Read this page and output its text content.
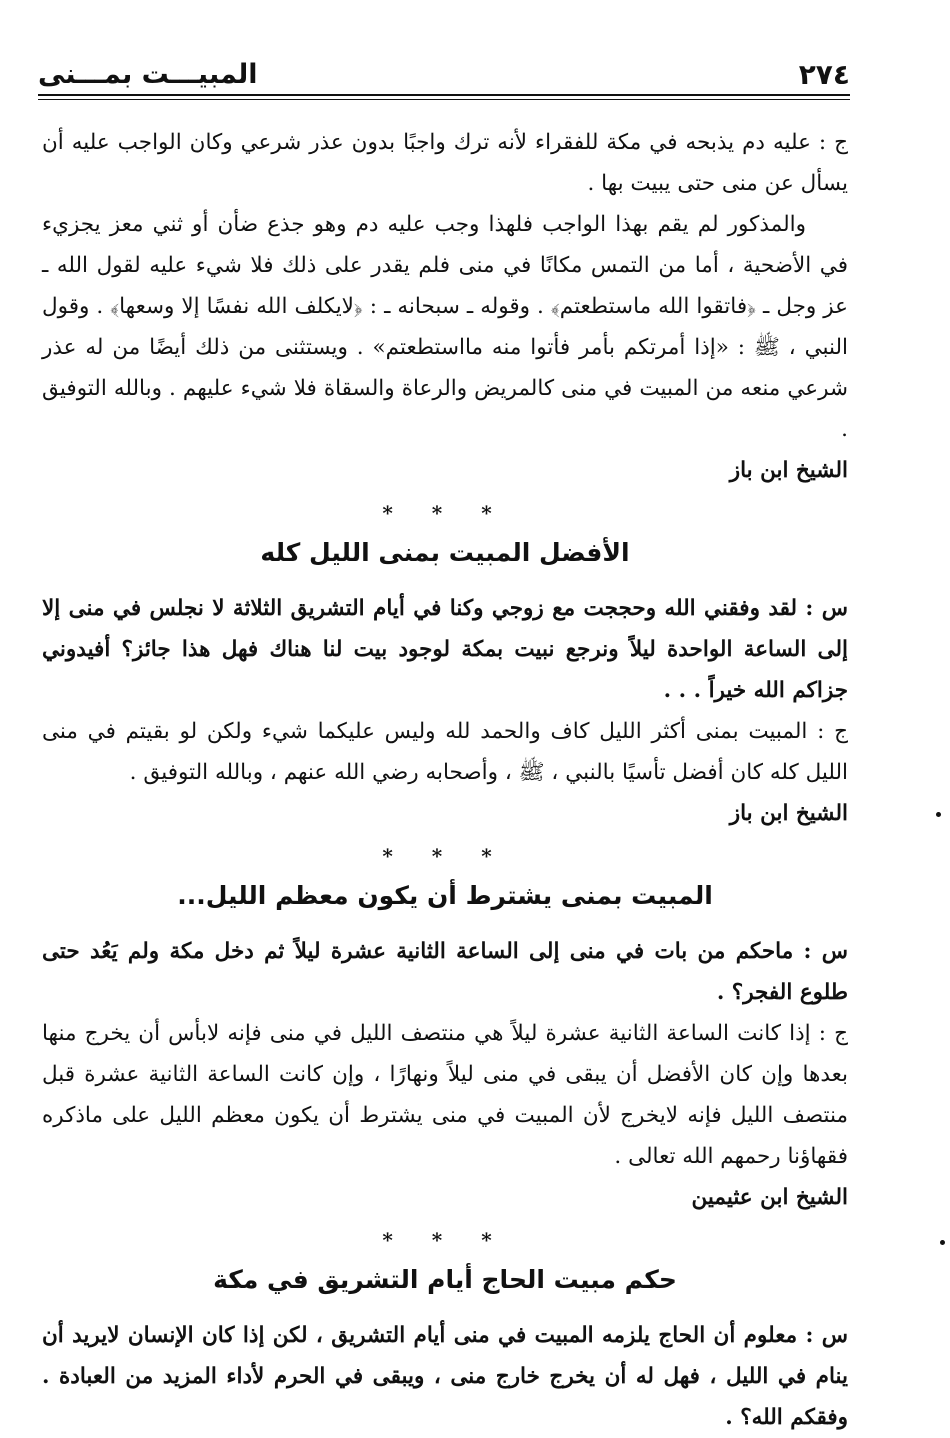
٢٧٤
المبيـــت بمـــنى

ج : عليه دم يذبحه في مكة للفقراء لأنه ترك واجبًا بدون عذر شرعي وكان الواجب عليه أن يسأل عن منى حتى يبيت بها .

والمذكور لم يقم بهذا الواجب فلهذا وجب عليه دم وهو جذع ضأن أو ثني معز يجزيء في الأضحية ، أما من التمس مكانًا في منى فلم يقدر على ذلك فلا شيء عليه لقول الله ـ عز وجل ـ ﴿فاتقوا الله ماستطعتم﴾ . وقوله ـ سبحانه ـ : ﴿لايكلف الله نفسًا إلا وسعها﴾ . وقول النبي ، ﷺ : «إذا أمرتكم بأمر فأتوا منه مااستطعتم» . ويستثنى من ذلك أيضًا من له عذر شرعي منعه من المبيت في منى كالمريض والرعاة والسقاة فلا شيء عليهم . وبالله التوفيق .

الشيخ ابن باز
* * *
الأفضل المبيت بمنى الليل كله

س : لقد وفقني الله وحججت مع زوجي وكنا في أيام التشريق الثلاثة لا نجلس في منى إلا إلى الساعة الواحدة ليلاً ونرجع نبيت بمكة لوجود بيت لنا هناك فهل هذا جائز؟ أفيدوني جزاكم الله خيراً . . .

ج : المبيت بمنى أكثر الليل كاف والحمد لله وليس عليكما شيء ولكن لو بقيتم في منى الليل كله كان أفضل تأسيًا بالنبي ، ﷺ ، وأصحابه رضي الله عنهم ، وبالله التوفيق .

الشيخ ابن باز
* * *
المبيت بمنى يشترط أن يكون معظم الليل...

س : ماحكم من بات في منى إلى الساعة الثانية عشرة ليلاً ثم دخل مكة ولم يَعُد حتى طلوع الفجر؟ .

ج : إذا كانت الساعة الثانية عشرة ليلاً هي منتصف الليل في منى فإنه لابأس أن يخرج منها بعدها وإن كان الأفضل أن يبقى في منى ليلاً ونهارًا ، وإن كانت الساعة الثانية عشرة قبل منتصف الليل فإنه لايخرج لأن المبيت في منى يشترط أن يكون معظم الليل على ماذكره فقهاؤنا رحمهم الله تعالى .

الشيخ ابن عثيمين
* * *
حكم مبيت الحاج أيام التشريق في مكة

س : معلوم أن الحاج يلزمه المبيت في منى أيام التشريق ، لكن إذا كان الإنسان لايريد أن ينام في الليل ، فهل له أن يخرج خارج منى ، ويبقى في الحرم لأداء المزيد من العبادة . وفقكم الله؟ .
